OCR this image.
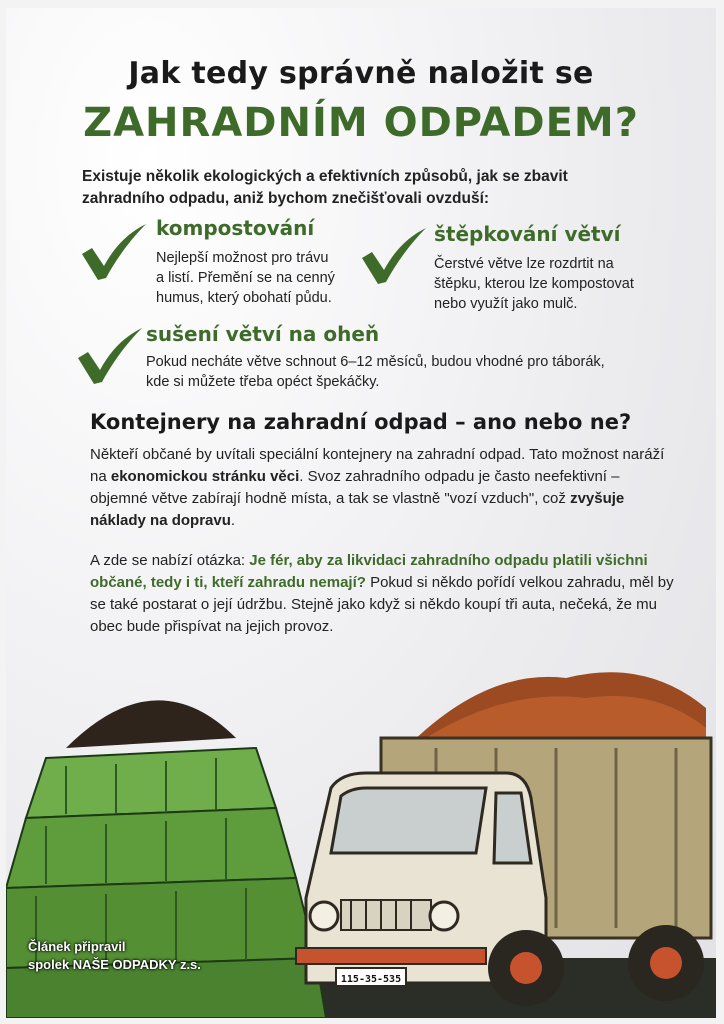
Jak tedy správně naložit se
ZAHRADNÍM ODPADEM?
Existuje několik ekologických a efektivních způsobů, jak se zbavit
zahradního odpadu, aniž bychom znečišťovali ovzduší:
kompostování
Nejlepší možnost pro trávu
a listí. Přemění se na cenný
humus, který obohatí půdu.
štěpkování větví
Čerstvé větve lze rozdrtit na
štěpku, kterou lze kompostovat
nebo využít jako mulč.
sušení větví na oheň
Pokud necháte větve schnout 6–12 měsíců, budou vhodné pro táborák,
kde si můžete třeba opéct špekáčky.
Kontejnery na zahradní odpad – ano nebo ne?
Někteří občané by uvítali speciální kontejnery na zahradní odpad. Tato možnost naráží na ekonomickou stránku věci. Svoz zahradního odpadu je často neefektivní – objemné větve zabírají hodně místa, a tak se vlastně "vozí vzduch", což zvyšuje náklady na dopravu.
A zde se nabízí otázka: Je fér, aby za likvidaci zahradního odpadu platili všichni občané, tedy i ti, kteří zahradu nemají? Pokud si někdo pořídí velkou zahradu, měl by se také postarat o její údržbu. Stejně jako když si někdo koupí tři auta, nečeká, že mu obec bude přispívat na jejich provoz.
115-35-535
Článek připravil
spolek NAŠE ODPADKY z.s.
